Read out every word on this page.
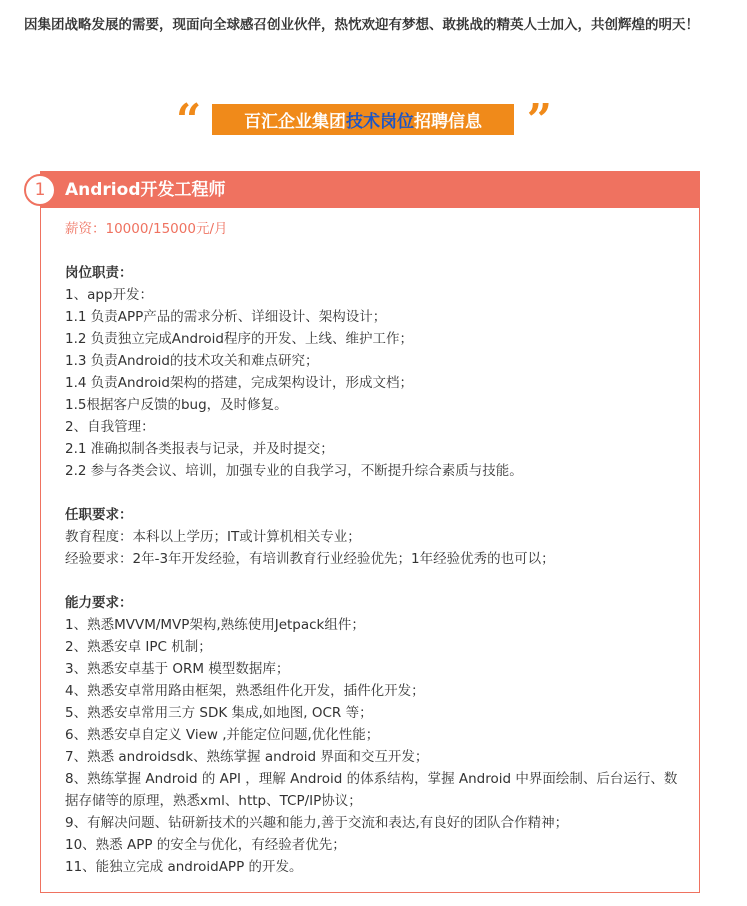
因集团战略发展的需要，现面向全球感召创业伙伴，热忱欢迎有梦想、敢挑战的精英人士加入，共创辉煌的明天！
“	百汇企业集团 技术岗位 招聘信息 ”
Andriod开发工程师
薪资：10000/15000元/月
岗位职责：
1、app开发：
1.1 负责APP产品的需求分析、详细设计、架构设计；
1.2 负责独立完成Android程序的开发、上线、维护工作；
1.3 负责Android的技术攻关和难点研究；
1.4 负责Android架构的搭建，完成架构设计，形成文档；
1.5根据客户反馈的bug，及时修复。
2、自我管理：
2.1 准确拟制各类报表与记录，并及时提交；
2.2 参与各类会议、培训，加强专业的自我学习，不断提升综合素质与技能。
任职要求：
教育程度：本科以上学历；IT或计算机相关专业；
经验要求：2年-3年开发经验，有培训教育行业经验优先；1年经验优秀的也可以；
能力要求：
1、熟悉MVVM/MVP架构,熟练使用Jetpack组件；
2、熟悉安卓 IPC 机制；
3、熟悉安卓基于 ORM 模型数据库；
4、熟悉安卓常用路由框架，熟悉组件化开发，插件化开发；
5、熟悉安卓常用三方 SDK 集成,如地图, OCR 等；
6、熟悉安卓自定义 View ,并能定位问题,优化性能；
7、熟悉 androidsdk、熟练掌握 android 界面和交互开发；
8、熟练掌握 Android 的 API ，理解 Android 的体系结构，掌握 Android 中界面绘制、后台运行、数据存储等的原理，熟悉xml、http、TCP/IP协议；
9、有解决问题、钻研新技术的兴趣和能力,善于交流和表达,有良好的团队合作精神；
10、熟悉 APP 的安全与优化，有经验者优先；
11、能独立完成 androidAPP 的开发。
1
